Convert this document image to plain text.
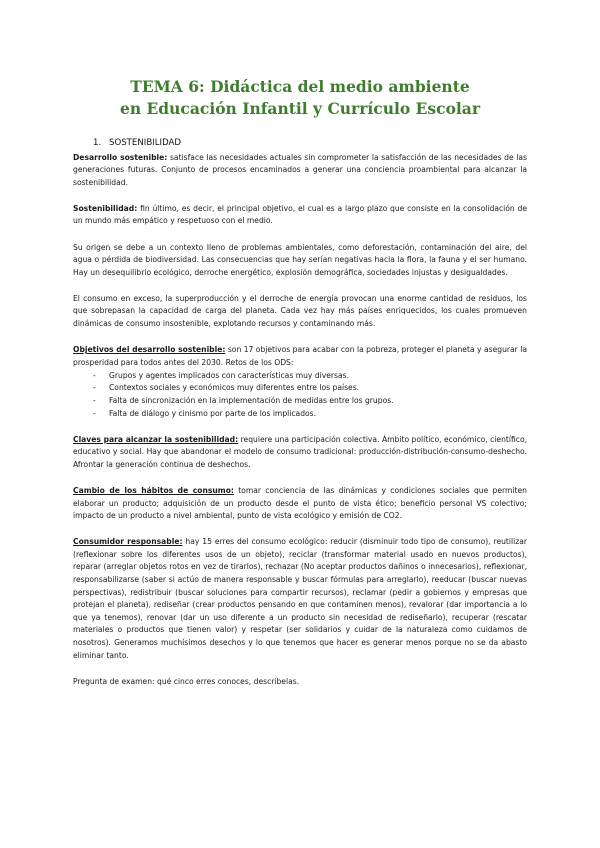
TEMA 6: Didáctica del medio ambiente
en Educación Infantil y Currículo Escolar
1. SOSTENIBILIDAD

Desarrollo sostenible: satisface las necesidades actuales sin comprometer la satisfacción de las necesidades de las generaciones futuras. Conjunto de procesos encaminados a generar una conciencia proambiental para alcanzar la sostenibilidad.

Sostenibilidad: fin último, es decir, el principal objetivo, el cual es a largo plazo que consiste en la consolidación de un mundo más empático y respetuoso con el medio.

Su origen se debe a un contexto lleno de problemas ambientales, como deforestación, contaminación del aire, del agua o pérdida de biodiversidad. Las consecuencias que hay serían negativas hacia la flora, la fauna y el ser humano. Hay un desequilibrio ecológico, derroche energético, explosión demográfica, sociedades injustas y desigualdades.

El consumo en exceso, la superproducción y el derroche de energía provocan una enorme cantidad de residuos, los que sobrepasan la capacidad de carga del planeta. Cada vez hay más países enriquecidos, los cuales promueven dinámicas de consumo insostenible, explotando recursos y contaminando más.

Objetivos del desarrollo sostenible: son 17 objetivos para acabar con la pobreza, proteger el planeta y asegurar la prosperidad para todos antes del 2030. Retos de los ODS:

- Grupos y agentes implicados con características muy diversas.
- Contextos sociales y económicos muy diferentes entre los países.
- Falta de sincronización en la implementación de medidas entre los grupos.
- Falta de diálogo y cinismo por parte de los implicados.

Claves para alcanzar la sostenibilidad: requiere una participación colectiva. Ámbito político, económico, científico, educativo y social. Hay que abandonar el modelo de consumo tradicional: producción-distribución-consumo-deshecho. Afrontar la generación continua de deshechos.

Cambio de los hábitos de consumo: tomar conciencia de las dinámicas y condiciones sociales que permiten elaborar un producto; adquisición de un producto desde el punto de vista ético; beneficio personal VS colectivo; impacto de un producto a nivel ambiental, punto de vista ecológico y emisión de CO2.

Consumidor responsable: hay 15 erres del consumo ecológico: reducir (disminuir todo tipo de consumo), reutilizar (reflexionar sobre los diferentes usos de un objeto), reciclar (transformar material usado en nuevos productos), reparar (arreglar objetos rotos en vez de tirarlos), rechazar (No aceptar productos dañinos o innecesarios), reflexionar, responsabilizarse (saber si actúo de manera responsable y buscar fórmulas para arreglarlo), reeducar (buscar nuevas perspectivas), redistribuir (buscar soluciones para compartir recursos), reclamar (pedir a gobiernos y empresas que protejan el planeta), rediseñar (crear productos pensando en que contaminen menos), revalorar (dar importancia a lo que ya tenemos), renovar (dar un uso diferente a un producto sin necesidad de rediseñarlo), recuperar (rescatar materiales o productos que tienen valor) y respetar (ser solidarios y cuidar de la naturaleza como cuidamos de nosotros). Generamos muchísimos desechos y lo que tenemos que hacer es generar menos porque no se da abasto eliminar tanto.

Pregunta de examen: qué cinco erres conoces, descríbelas.
